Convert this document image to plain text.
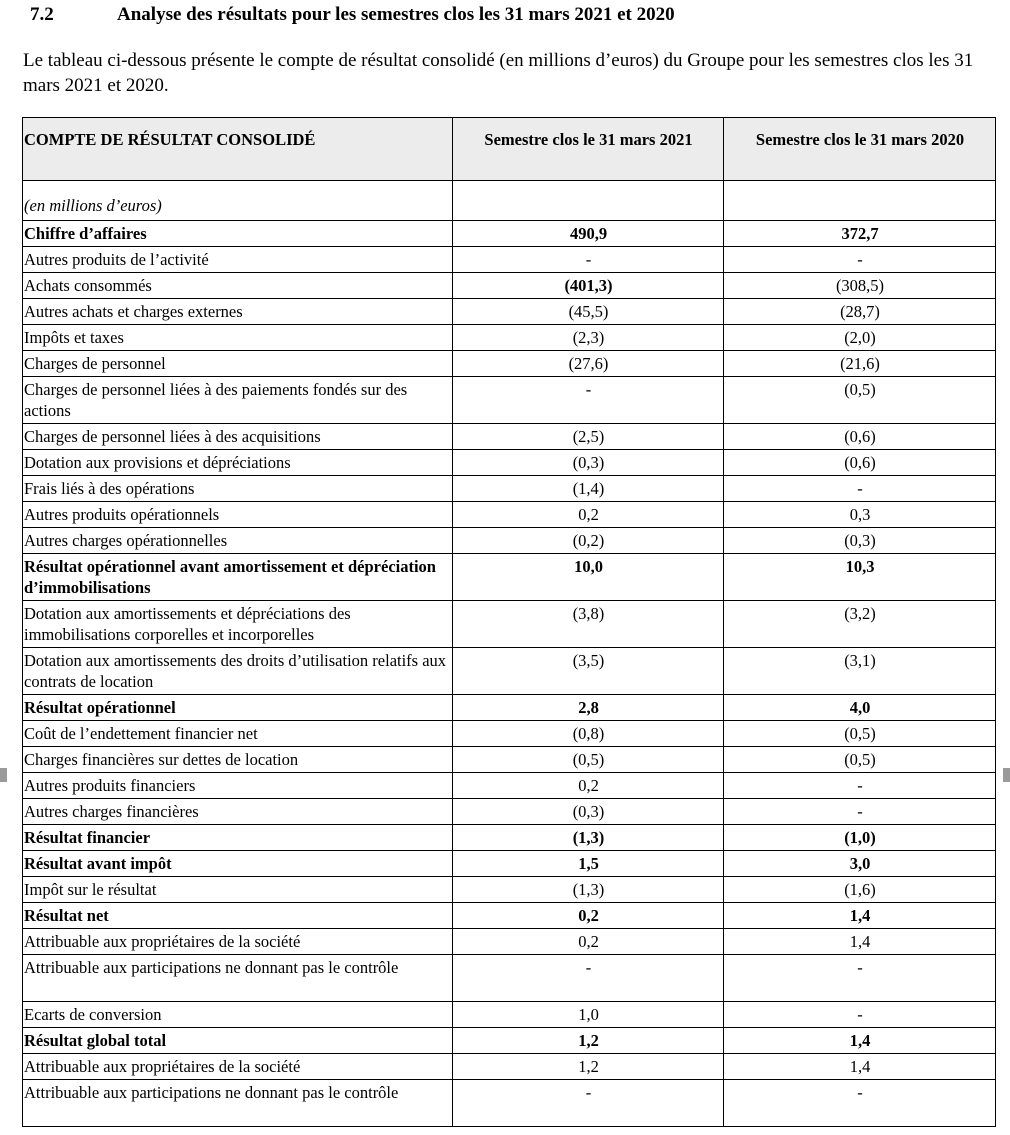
7.2	Analyse des résultats pour les semestres clos les 31 mars 2021 et 2020
Le tableau ci-dessous présente le compte de résultat consolidé (en millions d’euros) du Groupe pour les semestres clos les 31 mars 2021 et 2020.
COMPTE DE RÉSULTAT CONSOLIDÉ	Semestre clos le 31 mars 2021	Semestre clos le 31 mars 2020
(en millions d’euros)		
Chiffre d’affaires	490,9	372,7
Autres produits de l’activité	-	-
Achats consommés	(401,3)	(308,5)
Autres achats et charges externes	(45,5)	(28,7)
Impôts et taxes	(2,3)	(2,0)
Charges de personnel	(27,6)	(21,6)
Charges de personnel liées à des paiements fondés sur des actions	-	(0,5)
Charges de personnel liées à des acquisitions	(2,5)	(0,6)
Dotation aux provisions et dépréciations	(0,3)	(0,6)
Frais liés à des opérations	(1,4)	-
Autres produits opérationnels	0,2	0,3
Autres charges opérationnelles	(0,2)	(0,3)
Résultat opérationnel avant amortissement et dépréciation d’immobilisations	10,0	10,3
Dotation aux amortissements et dépréciations des immobilisations corporelles et incorporelles	(3,8)	(3,2)
Dotation aux amortissements des droits d’utilisation relatifs aux contrats de location	(3,5)	(3,1)
Résultat opérationnel	2,8	4,0
Coût de l’endettement financier net	(0,8)	(0,5)
Charges financières sur dettes de location	(0,5)	(0,5)
Autres produits financiers	0,2	-
Autres charges financières	(0,3)	-
Résultat financier	(1,3)	(1,0)
Résultat avant impôt	1,5	3,0
Impôt sur le résultat	(1,3)	(1,6)
Résultat net	0,2	1,4
Attribuable aux propriétaires de la société	0,2	1,4
Attribuable aux participations ne donnant pas le contrôle	-	-
Ecarts de conversion	1,0	-
Résultat global total	1,2	1,4
Attribuable aux propriétaires de la société	1,2	1,4
Attribuable aux participations ne donnant pas le contrôle	-	-
